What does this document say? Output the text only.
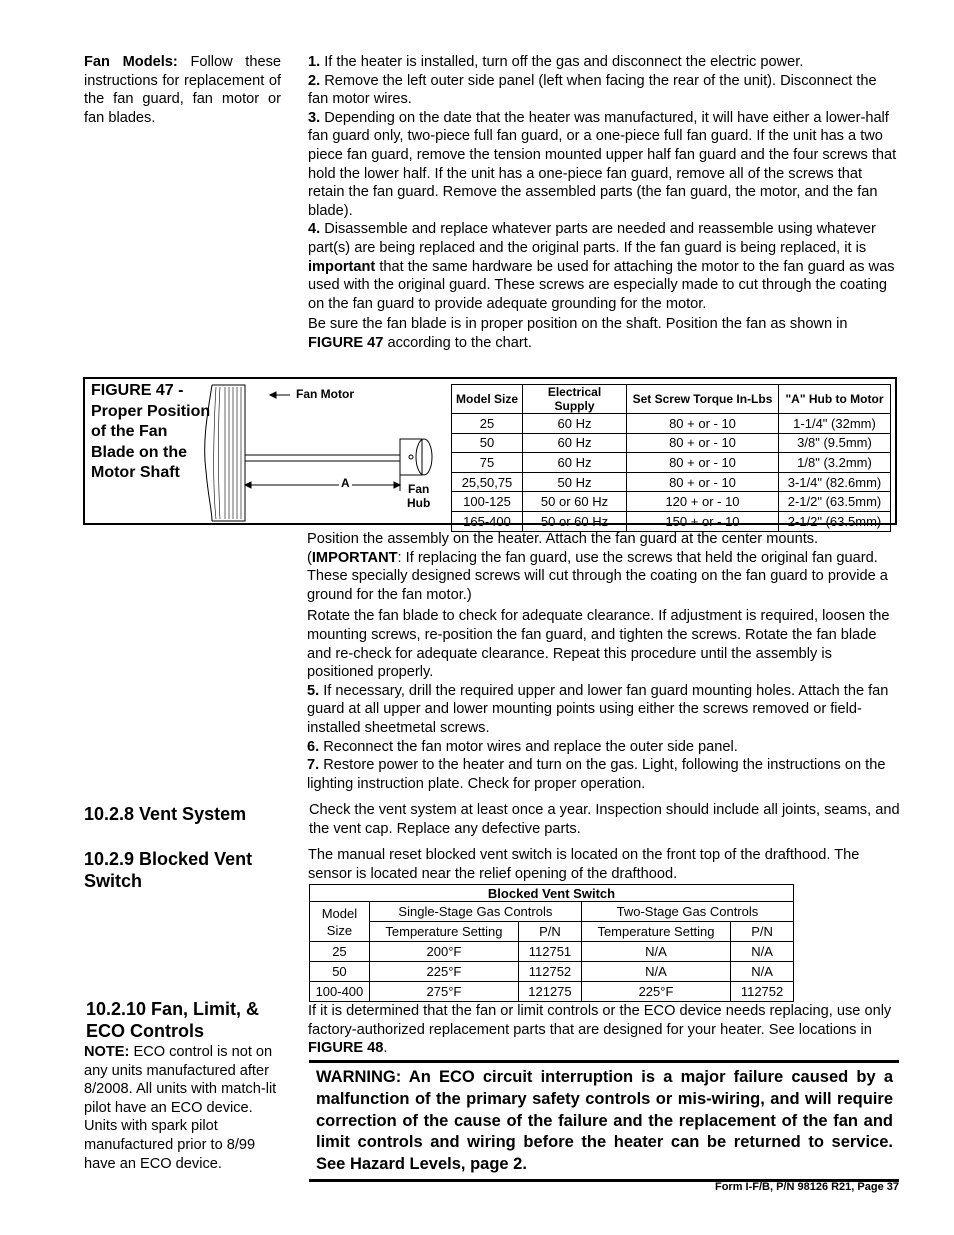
Fan Models: Follow these instructions for replacement of the fan guard, fan motor or fan blades.

1. If the heater is installed, turn off the gas and disconnect the electric power.

2. Remove the left outer side panel (left when facing the rear of the unit). Disconnect the fan motor wires.

3. Depending on the date that the heater was manufactured, it will have either a lower-half fan guard only, two-piece full fan guard, or a one-piece full fan guard. If the unit has a two piece fan guard, remove the tension mounted upper half fan guard and the four screws that hold the lower half. If the unit has a one-piece fan guard, remove all of the screws that retain the fan guard. Remove the assembled parts (the fan guard, the motor, and the fan blade).

4. Disassemble and replace whatever parts are needed and reassemble using whatever part(s) are being replaced and the original parts. If the fan guard is being replaced, it is important that the same hardware be used for attaching the motor to the fan guard as was used with the original guard. These screws are especially made to cut through the coating on the fan guard to provide adequate grounding for the motor.

Be sure the fan blade is in proper position on the shaft. Position the fan as shown in FIGURE 47 according to the chart.

FIGURE 47 - Proper Position of the Fan Blade on the Motor Shaft
Fan Motor
A	Fan
Hub
Model Size	Electrical Supply	Set Screw Torque In-Lbs	"A" Hub to Motor
25	60 Hz	80 + or - 10	1-1/4" (32mm)
50	60 Hz	80 + or - 10	3/8" (9.5mm)
75	60 Hz	80 + or - 10	1/8" (3.2mm)
25,50,75	50 Hz	80 + or - 10	3-1/4" (82.6mm)
100-125	50 or 60 Hz	120 + or - 10	2-1/2" (63.5mm)
165-400	50 or 60 Hz	150 + or - 10	2-1/2" (63.5mm)

Position the assembly on the heater. Attach the fan guard at the center mounts. (IMPORTANT: If replacing the fan guard, use the screws that held the original fan guard. These specially designed screws will cut through the coating on the fan guard to provide a ground for the fan motor.)

Rotate the fan blade to check for adequate clearance. If adjustment is required, loosen the mounting screws, re-position the fan guard, and tighten the screws. Rotate the fan blade and re-check for adequate clearance. Repeat this procedure until the assembly is positioned properly.

5. If necessary, drill the required upper and lower fan guard mounting holes. Attach the fan guard at all upper and lower mounting points using either the screws removed or field-installed sheetmetal screws.

6. Reconnect the fan motor wires and replace the outer side panel.

7. Restore power to the heater and turn on the gas. Light, following the instructions on the lighting instruction plate. Check for proper operation.

10.2.8 Vent System	Check the vent system at least once a year. Inspection should include all joints, seams, and the vent cap. Replace any defective parts.

10.2.9 Blocked Vent
Switch

The manual reset blocked vent switch is located on the front top of the drafthood. The sensor is located near the relief opening of the drafthood.

Blocked Vent Switch				
Model Size	Single-Stage Gas Controls		Two-Stage Gas Controls	
	Temperature Setting	P/N	Temperature Setting	P/N
25	200°F	112751	N/A	N/A
50	225°F	112752	N/A	N/A
100-400	275°F	121275	225°F	112752
10.2.10 Fan, Limit, &
ECO Controls

NOTE: ECO control is not on any units manufactured after 8/2008. All units with match-lit pilot have an ECO device. Units with spark pilot manufactured prior to 8/99 have an ECO device.

If it is determined that the fan or limit controls or the ECO device needs replacing, use only factory-authorized replacement parts that are designed for your heater. See locations in FIGURE 48.

WARNING: An ECO circuit interruption is a major failure caused by a malfunction of the primary safety controls or mis-wiring, and will require correction of the cause of the failure and the replacement of the fan and limit controls and wiring before the heater can be returned to service. See Hazard Levels, page 2.
Form I-F/B, P/N 98126 R21, Page 37
